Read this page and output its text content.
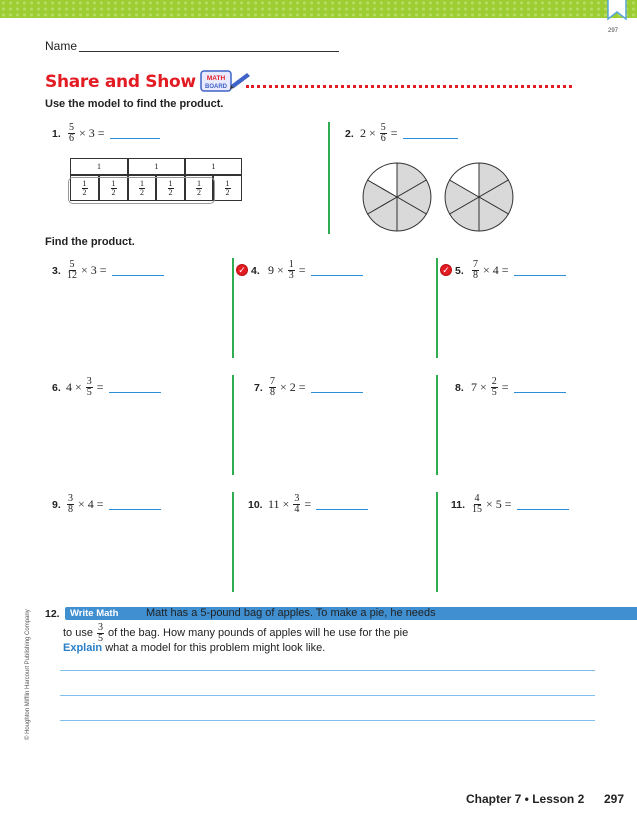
297
Name
Share and Show MATH
BOARD
Use the model to find the product.
1. $\frac{5}{6} \times 3$ =
1	1	1
1
2
1
2
1
2
1
2
1
2
1
2
2. $2 \times \frac{5}{6}$ =
Find the product.
3. $\frac{5}{12} \times 3$ =	✓ 4. $9 \times \frac{1}{3}$ =	✓ 5. $\frac{7}{8} \times 4$ =
6. $4 \times \frac{3}{5}$ =	7. $\frac{7}{8} \times 2$ =	8. $7 \times \frac{2}{5}$ =
9. $\frac{3}{8} \times 4$ =	10. $11 \times \frac{3}{4}$ =	11. $\frac{4}{15} \times 5$ =
12.	Write Math	Matt has a 5-pound bag of apples. To make a pie, he needs
to use $\frac{3}{5}$ of the bag. How many pounds of apples will he use for the pie
Explain what a model for this problem might look like.
© Houghton Mifflin Harcourt Publishing Company
Chapter 7 • Lesson 2 297
